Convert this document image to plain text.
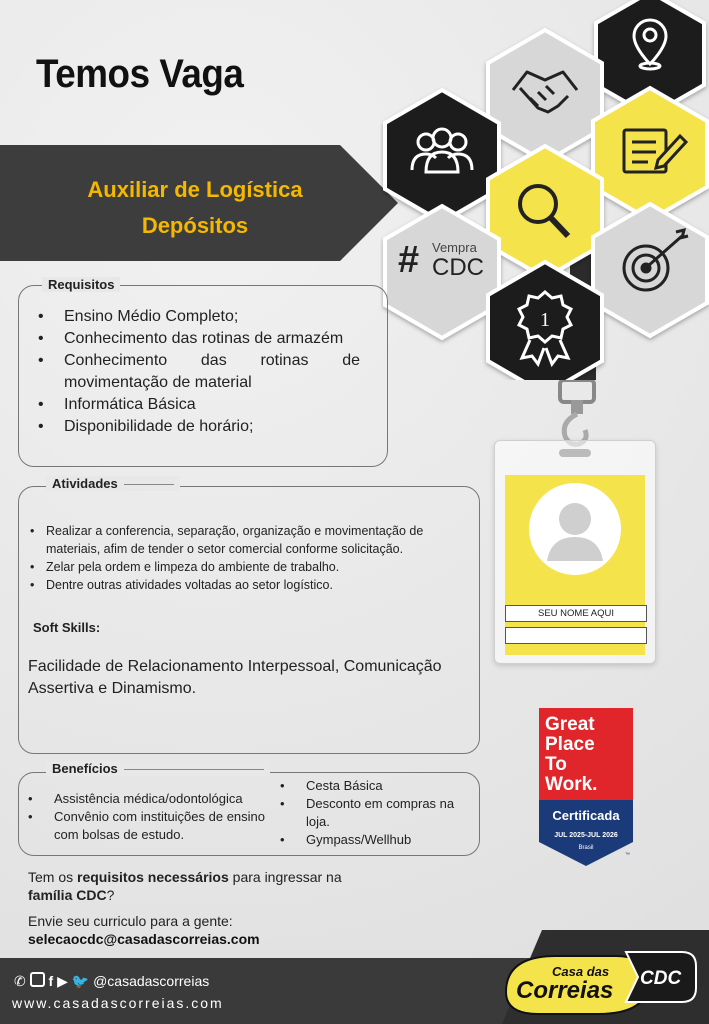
Temos Vaga
Auxiliar de Logística
Depósitos
# Vempra
CDC
1
Requisitos
• Ensino Médio Completo;
• Conhecimento das rotinas de armazém
• Conhecimento das rotinas de movimentação de material
• Informática Básica
• Disponibilidade de horário;
Atividades
• Realizar a conferencia, separação, organização e movimentação de materiais, afim de tender o setor comercial conforme solicitação.
• Zelar pela ordem e limpeza do ambiente de trabalho.
• Dentre outras atividades voltadas ao setor logístico.
Soft Skills:
Facilidade de Relacionamento Interpessoal, Comunicação Assertiva e Dinamismo.
Benefícios
• Assistência médica/odontológica
• Convênio com instituições de ensino com bolsas de estudo.
• Cesta Básica
• Desconto em compras na loja.
• Gympass/Wellhub
Tem os requisitos necessários para ingressar na família CDC?
Envie seu curriculo para a gente:
selecaocdc@casadascorreias.com
SEU NOME AQUI
Great
Place
To
Work.
Certificada
JUL 2025-JUL 2026
Brasil
™
✆ f ▶ 🐦 @casadascorreias
www.casadascorreias.com
Casa das
Correias CDC
